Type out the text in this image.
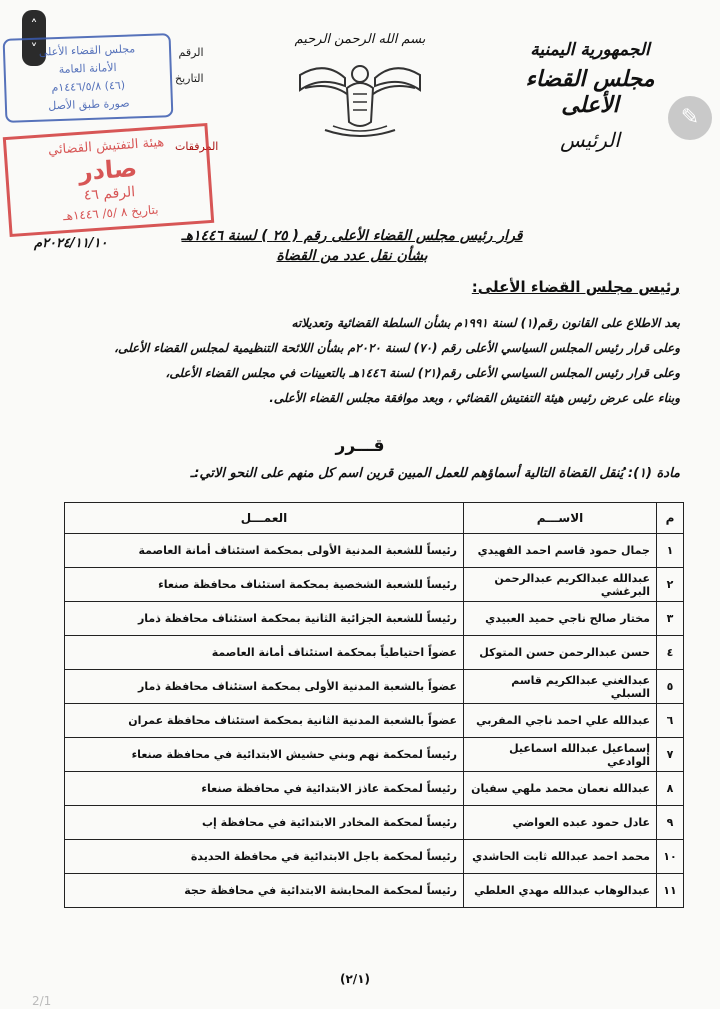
˄
˅	الجمهورية اليمنية
مجلس القضاء الأعلى
الرئيس
بسم الله الرحمن الرحيم
مجلس القضاء الأعلى
الأمانة العامة
(٤٦) ١٤٤٦/٥/٨م
صورة طبق الأصل
الرقم
التاريخ
المرفقات
هيئة التفتيش القضائي
صادر
الرقم ٤٦
بتاريخ ٨ /٥/ ١٤٤٦هـ
✎
قرار رئيس مجلس القضاء الأعلى رقم ( ٢٥ ) لسنة ١٤٤٦هـ
بشأن نقل عدد من القضاة
٢٠٢٤/١١/١٠م
رئيس مجلس القضاء الأعلى:

بعد الاطلاع على القانون رقم(١) لسنة ١٩٩١م بشأن السلطة القضائية وتعديلاته

وعلى قرار رئيس المجلس السياسي الأعلى رقم (٧٠) لسنة ٢٠٢٠م بشأن اللائحة التنظيمية لمجلس القضاء الأعلى،

وعلى قرار رئيس المجلس السياسي الأعلى رقم(٢١) لسنة ١٤٤٦هـ بالتعيينات في مجلس القضاء الأعلى،

وبناء على عرض رئيس هيئة التفتيش القضائي ، وبعد موافقة مجلس القضاء الأعلى.

قـــرر
مادة (١): يُنقل القضاة التالية أسماؤهم للعمل المبين قرين اسم كل منهم على النحو الاتي:ـ
م	الاســـم	العمـــل
١	جمال حمود قاسم احمد الفهيدي	رئيساً للشعبة المدنية الأولى بمحكمة استئناف أمانة العاصمة
٢	عبدالله عبدالكريم عبدالرحمن البرغشي	رئيساً للشعبة الشخصية بمحكمة استئناف محافظة صنعاء
٣	مختار صالح ناجي حميد العبيدي	رئيساً للشعبة الجزائية الثانية بمحكمة استئناف محافظة ذمار
٤	حسن عبدالرحمن حسن المتوكل	عضواً احتياطياً بمحكمة استئناف أمانة العاصمة
٥	عبدالغني عبدالكريم قاسم السبلي	عضواً بالشعبة المدنية الأولى بمحكمة استئناف محافظة ذمار
٦	عبدالله علي احمد ناجي المفربي	عضواً بالشعبة المدنية الثانية بمحكمة استئناف محافظة عمران
٧	إسماعيل عبدالله اسماعيل الوادعي	رئيساً لمحكمة نهم وبني حشيش الابتدائية في محافظة صنعاء
٨	عبدالله نعمان محمد ملهي سفيان	رئيساً لمحكمة عاذز الابتدائية في محافظة صنعاء
٩	عادل حمود عبده العواضي	رئيساً لمحكمة المخادر الابتدائية في محافظة إب
١٠	محمد احمد عبدالله ثابت الحاشدي	رئيساً لمحكمة باجل الابتدائية في محافظة الحديدة
١١	عبدالوهاب عبدالله مهدي العلطي	رئيساً لمحكمة المحابشة الابتدائية في محافظة حجة
(٢/١)
2/1
